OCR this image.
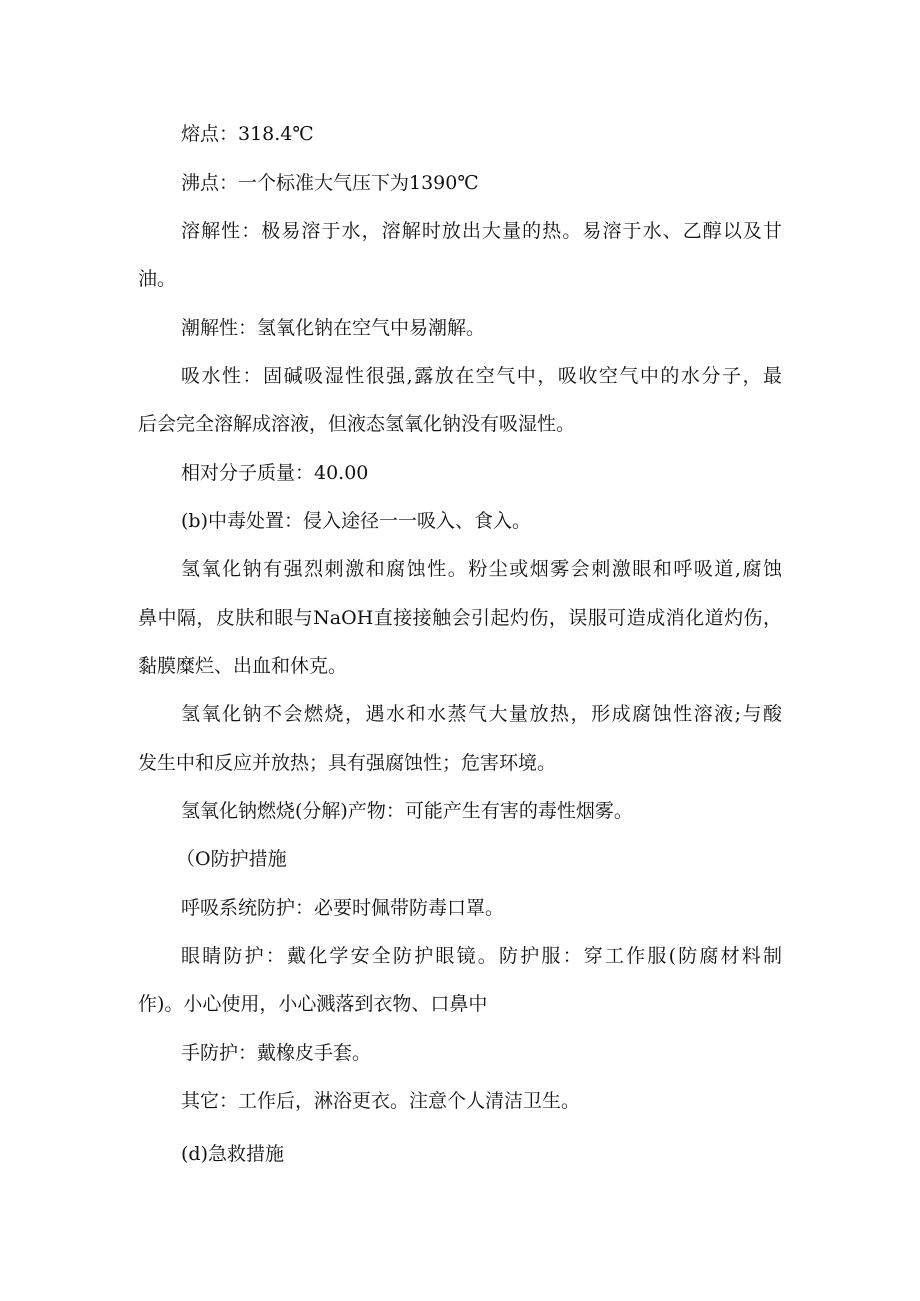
熔点：318.4℃

沸点：一个标准大气压下为1390℃

溶解性：极易溶于水，溶解时放出大量的热。易溶于水、乙醇以及甘

油。

潮解性：氢氧化钠在空气中易潮解。

吸水性：固碱吸湿性很强,露放在空气中，吸收空气中的水分子，最

后会完全溶解成溶液，但液态氢氧化钠没有吸湿性。

相对分子质量：40.00

(b)中毒处置：侵入途径一一吸入、食入。

氢氧化钠有强烈刺激和腐蚀性。粉尘或烟雾会刺激眼和呼吸道,腐蚀

鼻中隔，皮肤和眼与NaOH直接接触会引起灼伤，误服可造成消化道灼伤，

黏膜糜烂、出血和休克。

氢氧化钠不会燃烧，遇水和水蒸气大量放热，形成腐蚀性溶液;与酸

发生中和反应并放热；具有强腐蚀性；危害环境。

氢氧化钠燃烧(分解)产物：可能产生有害的毒性烟雾。

（O防护措施

呼吸系统防护：必要时佩带防毒口罩。

眼睛防护：戴化学安全防护眼镜。防护服：穿工作服(防腐材料制

作)。小心使用，小心溅落到衣物、口鼻中

手防护：戴橡皮手套。

其它：工作后，淋浴更衣。注意个人清洁卫生。

(d)急救措施
